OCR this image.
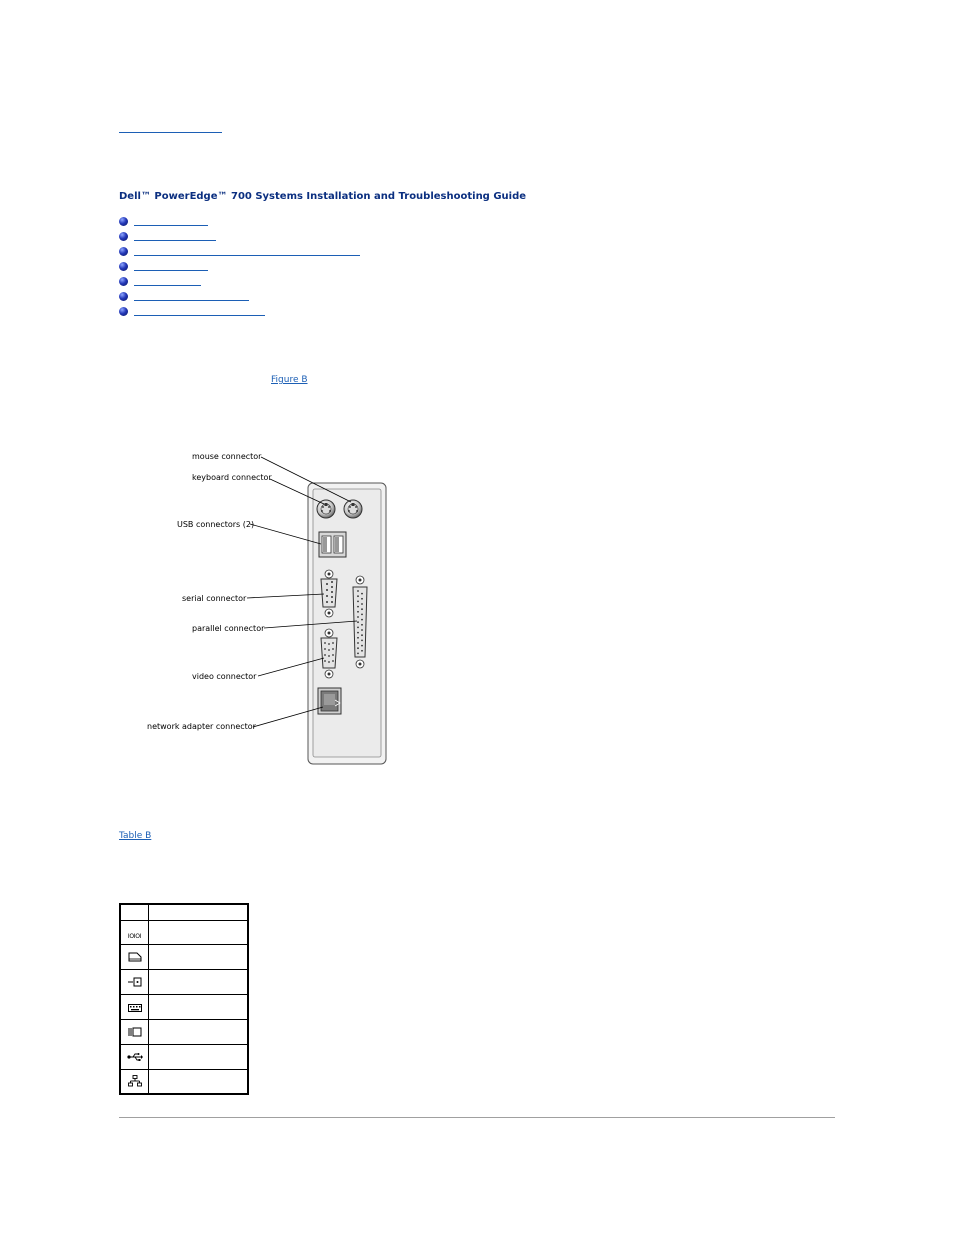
Dell™ PowerEdge™ 700 Systems Installation and Troubleshooting Guide
Figure B
mouse connector
keyboard connector
USB connectors (2)
serial connector
parallel connector
video connector
network adapter connector
Table B

IOIOI	
